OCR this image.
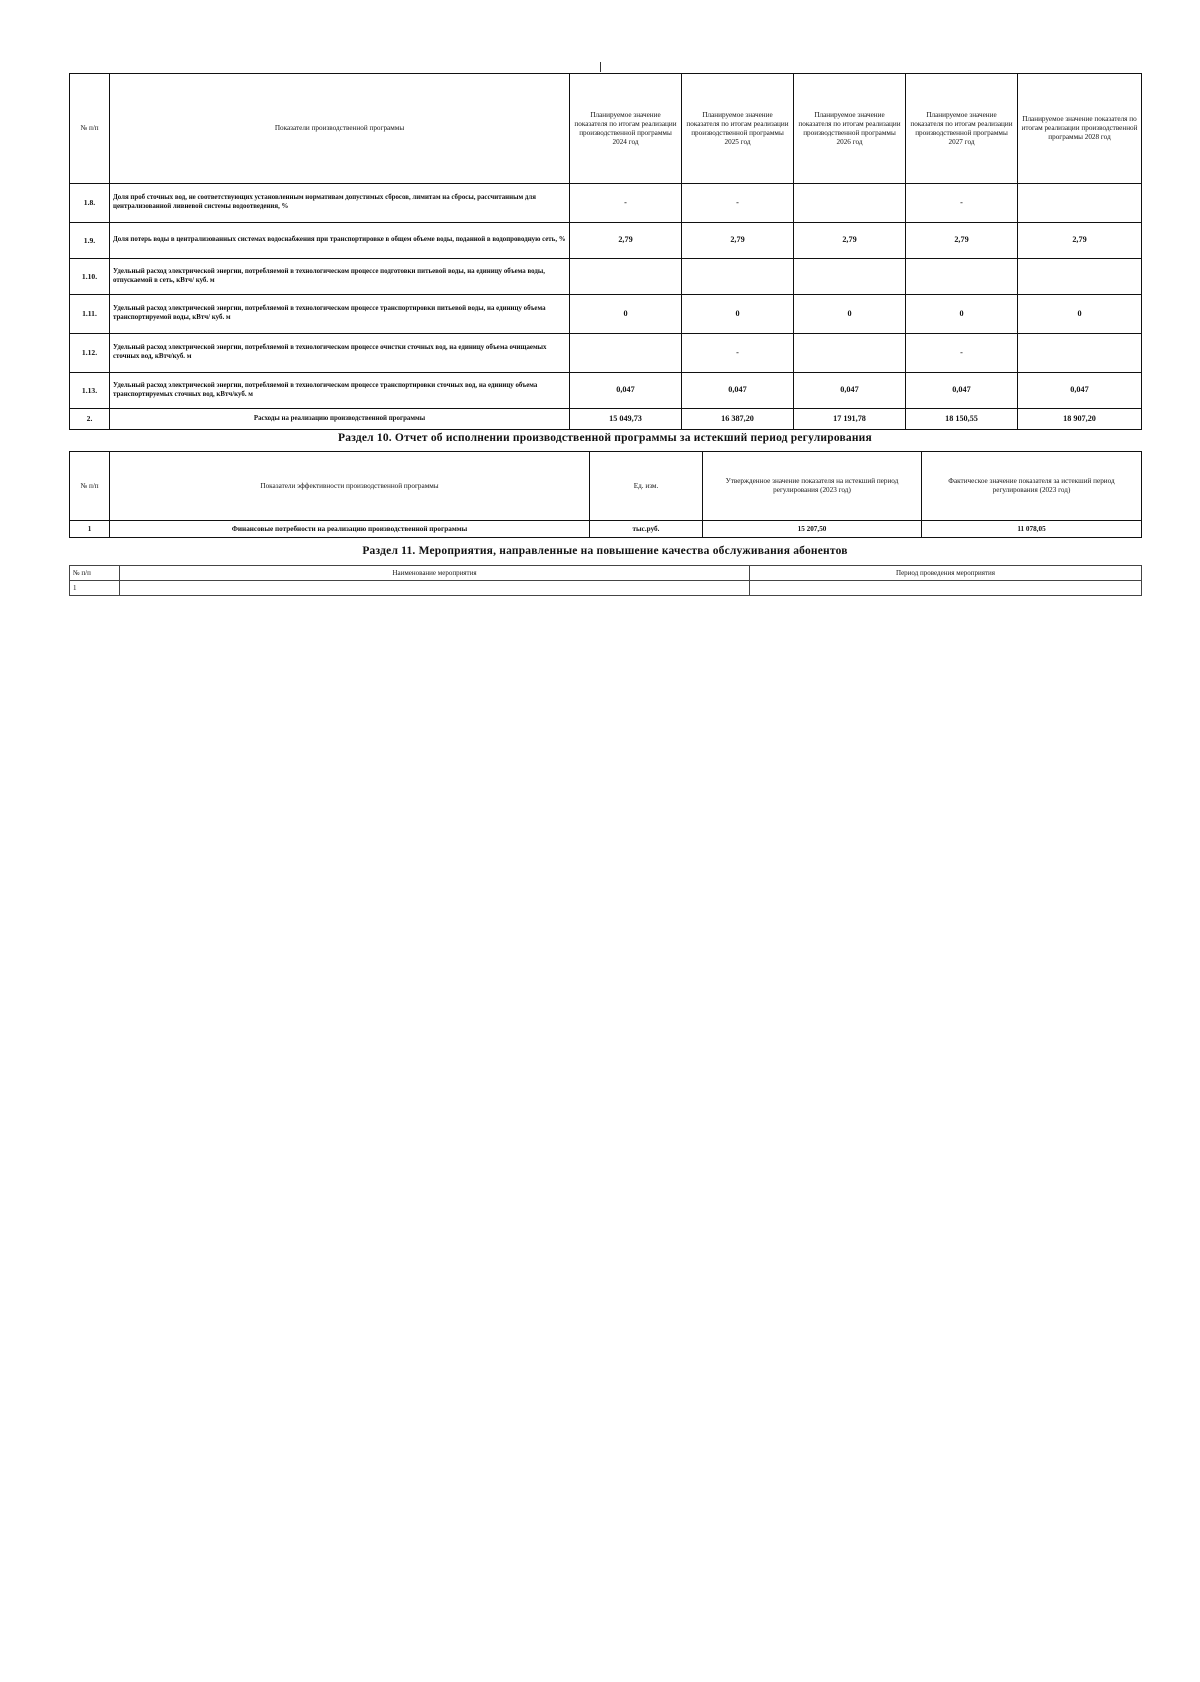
№ п/п	Показатели производственной программы	Планируемое значение показателя по итогам реализации производственной программы 2024 год	Планируемое значение показателя по итогам реализации производственной программы 2025 год	Планируемое значение показателя по итогам реализации производственной программы 2026 год	Планируемое значение показателя по итогам реализации производственной программы 2027 год	Планируемое значение показателя по итогам реализации производственной программы 2028 год
1.8.	Доля проб сточных вод, не соответствующих установленным нормативам допустимых сбросов, лимитам на сбросы, рассчитанным для централизованной ливневой системы водоотведения, %	-	-		-	
1.9.	Доля потерь воды в централизованных системах водоснабжения при транспортировке в общем объеме воды, поданной в водопроводную сеть, %	2,79	2,79	2,79	2,79	2,79
1.10.	Удельный расход электрической энергии, потребляемой в технологическом процессе подготовки питьевой воды, на единицу объема воды, отпускаемой в сеть, кВтч/ куб. м					
1.11.	Удельный расход электрической энергии, потребляемой в технологическом процессе транспортировки питьевой воды, на единицу объема транспортируемой воды, кВтч/ куб. м	0	0	0	0	0
1.12.	Удельный расход электрической энергии, потребляемой в технологическом процессе очистки сточных вод, на единицу объема очищаемых сточных вод, кВтч/куб. м		-		-	
1.13.	Удельный расход электрической энергии, потребляемой в технологическом процессе транспортировки сточных вод, на единицу объема транспортируемых сточных вод, кВтч/куб. м	0,047	0,047	0,047	0,047	0,047
2.	Расходы на реализацию производственной программы	15 049,73	16 387,20	17 191,78	18 150,55	18 907,20
Раздел 10. Отчет об исполнении производственной программы за истекший период регулирования
№ п/п	Показатели эффективности производственной программы	Ед. изм.	Утвержденное значение показателя на истекший период регулирования (2023 год)	Фактическое значение показателя за истекший период регулирования (2023 год)
1	Финансовые потребности на реализацию производственной программы	тыс.руб.	15 207,50	11 078,05
Раздел 11. Мероприятия, направленные на повышение качества обслуживания абонентов
№ п/п	Наименование мероприятия	Период проведения мероприятия
1		
